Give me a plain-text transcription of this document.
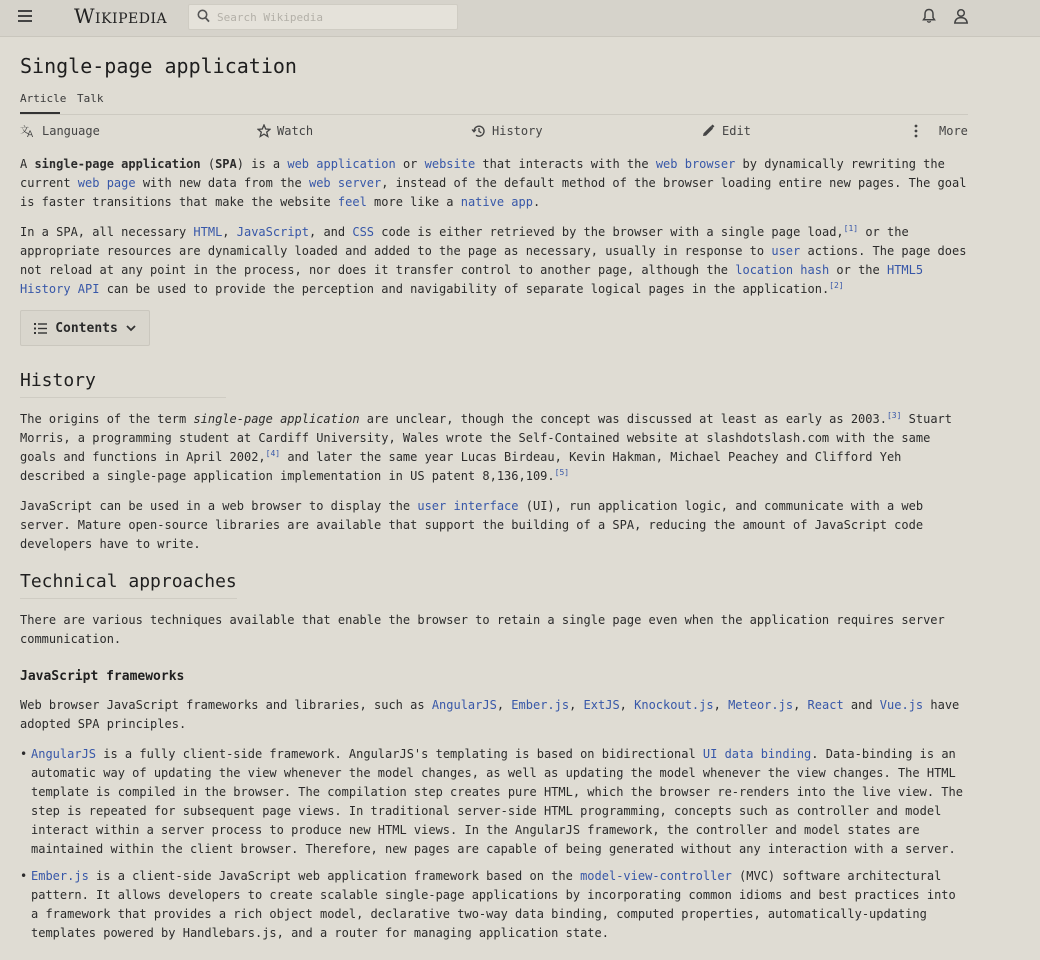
Wikipedia
Search Wikipedia
Single-page application
Article Talk
文
A Language	Watch	History	Edit	More

A single-page application (SPA) is a web application or website that interacts with the web browser by dynamically rewriting the current web page with new data from the web server, instead of the default method of the browser loading entire new pages. The goal is faster transitions that make the website feel more like a native app.

In a SPA, all necessary HTML, JavaScript, and CSS code is either retrieved by the browser with a single page load,[1] or the appropriate resources are dynamically loaded and added to the page as necessary, usually in response to user actions. The page does not reload at any point in the process, nor does it transfer control to another page, although the location hash or the HTML5 History API can be used to provide the perception and navigability of separate logical pages in the application.[2]

Contents
History

The origins of the term single-page application are unclear, though the concept was discussed at least as early as 2003.[3] Stuart Morris, a programming student at Cardiff University, Wales wrote the Self-Contained website at slashdotslash.com with the same goals and functions in April 2002,[4] and later the same year Lucas Birdeau, Kevin Hakman, Michael Peachey and Clifford Yeh described a single-page application implementation in US patent 8,136,109.[5]

JavaScript can be used in a web browser to display the user interface (UI), run application logic, and communicate with a web server. Mature open-source libraries are available that support the building of a SPA, reducing the amount of JavaScript code developers have to write.

Technical approaches

There are various techniques available that enable the browser to retain a single page even when the application requires server communication.

JavaScript frameworks

Web browser JavaScript frameworks and libraries, such as AngularJS, Ember.js, ExtJS, Knockout.js, Meteor.js, React and Vue.js have adopted SPA principles.

• AngularJS is a fully client-side framework. AngularJS's templating is based on bidirectional UI data binding. Data-binding is an automatic way of updating the view whenever the model changes, as well as updating the model whenever the view changes. The HTML template is compiled in the browser. The compilation step creates pure HTML, which the browser re-renders into the live view. The step is repeated for subsequent page views. In traditional server-side HTML programming, concepts such as controller and model interact within a server process to produce new HTML views. In the AngularJS framework, the controller and model states are maintained within the client browser. Therefore, new pages are capable of being generated without any interaction with a server.
• Ember.js is a client-side JavaScript web application framework based on the model-view-controller (MVC) software architectural pattern. It allows developers to create scalable single-page applications by incorporating common idioms and best practices into a framework that provides a rich object model, declarative two-way data binding, computed properties, automatically-updating templates powered by Handlebars.js, and a router for managing application state.
